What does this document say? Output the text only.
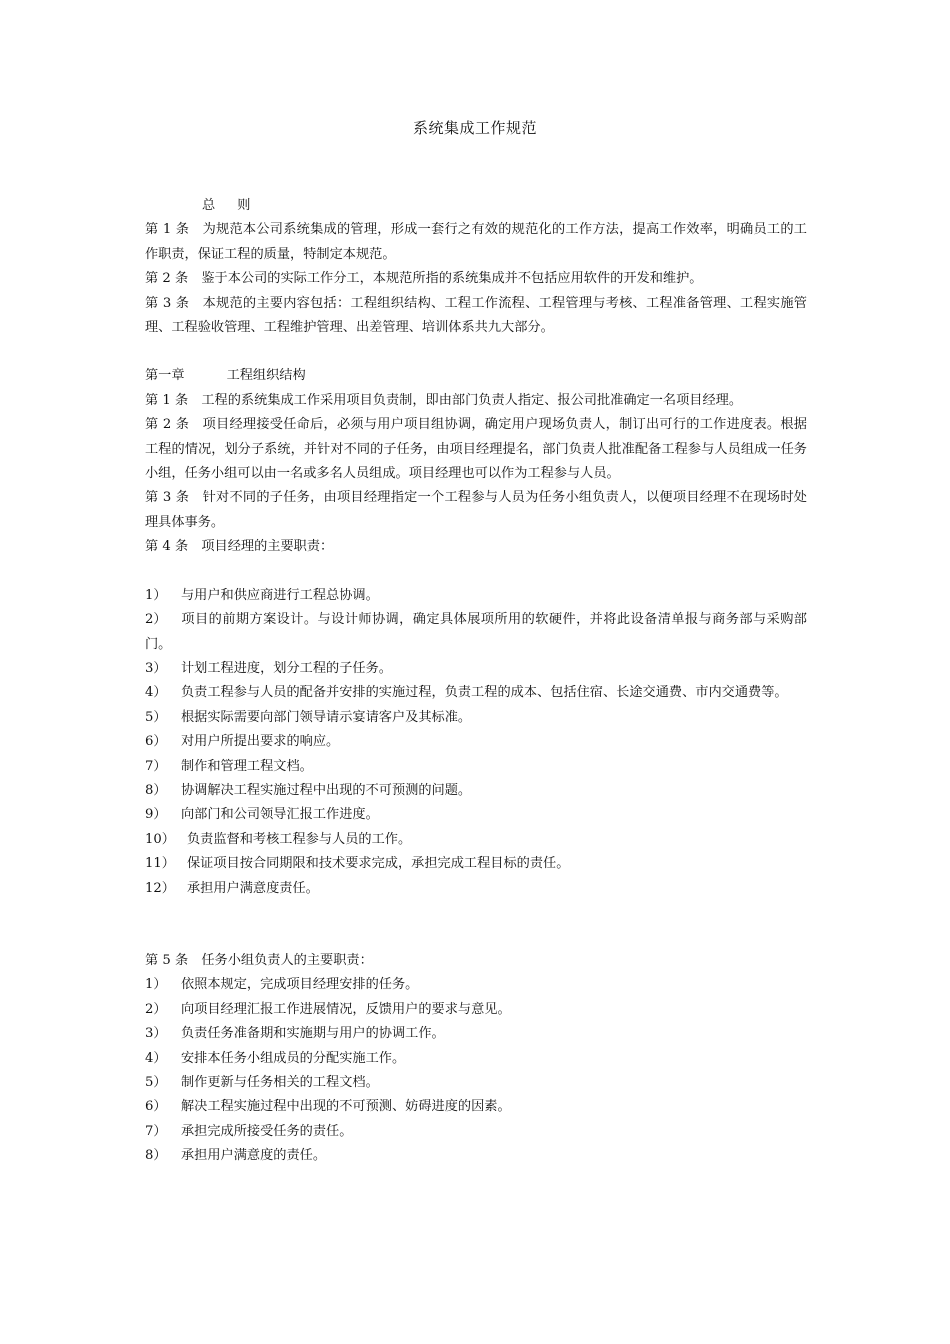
系统集成工作规范
总 则
第 1 条　为规范本公司系统集成的管理，形成一套行之有效的规范化的工作方法，提高工作效率，明确员工的工作职责，保证工程的质量，特制定本规范。
第 2 条　鉴于本公司的实际工作分工，本规范所指的系统集成并不包括应用软件的开发和维护。
第 3 条　本规范的主要内容包括：工程组织结构、工程工作流程、工程管理与考核、工程准备管理、工程实施管理、工程验收管理、工程维护管理、出差管理、培训体系共九大部分。
第一章	工程组织结构
第 1 条　工程的系统集成工作采用项目负责制，即由部门负责人指定、报公司批准确定一名项目经理。
第 2 条　项目经理接受任命后，必须与用户项目组协调，确定用户现场负责人，制订出可行的工作进度表。根据工程的情况，划分子系统，并针对不同的子任务，由项目经理提名，部门负责人批准配备工程参与人员组成一任务小组，任务小组可以由一名或多名人员组成。项目经理也可以作为工程参与人员。
第 3 条　针对不同的子任务，由项目经理指定一个工程参与人员为任务小组负责人，以便项目经理不在现场时处理具体事务。
第 4 条　项目经理的主要职责：
1） 与用户和供应商进行工程总协调。
2） 项目的前期方案设计。与设计师协调，确定具体展项所用的软硬件，并将此设备清单报与商务部与采购部门。
3） 计划工程进度，划分工程的子任务。
4） 负责工程参与人员的配备并安排的实施过程，负责工程的成本、包括住宿、长途交通费、市内交通费等。
5） 根据实际需要向部门领导请示宴请客户及其标准。
6） 对用户所提出要求的响应。
7） 制作和管理工程文档。
8） 协调解决工程实施过程中出现的不可预测的问题。
9） 向部门和公司领导汇报工作进度。
10） 负责监督和考核工程参与人员的工作。
11） 保证项目按合同期限和技术要求完成，承担完成工程目标的责任。
12） 承担用户满意度责任。
第 5 条　任务小组负责人的主要职责：
1） 依照本规定，完成项目经理安排的任务。
2） 向项目经理汇报工作进展情况，反馈用户的要求与意见。
3） 负责任务准备期和实施期与用户的协调工作。
4） 安排本任务小组成员的分配实施工作。
5） 制作更新与任务相关的工程文档。
6） 解决工程实施过程中出现的不可预测、妨碍进度的因素。
7） 承担完成所接受任务的责任。
8） 承担用户满意度的责任。
